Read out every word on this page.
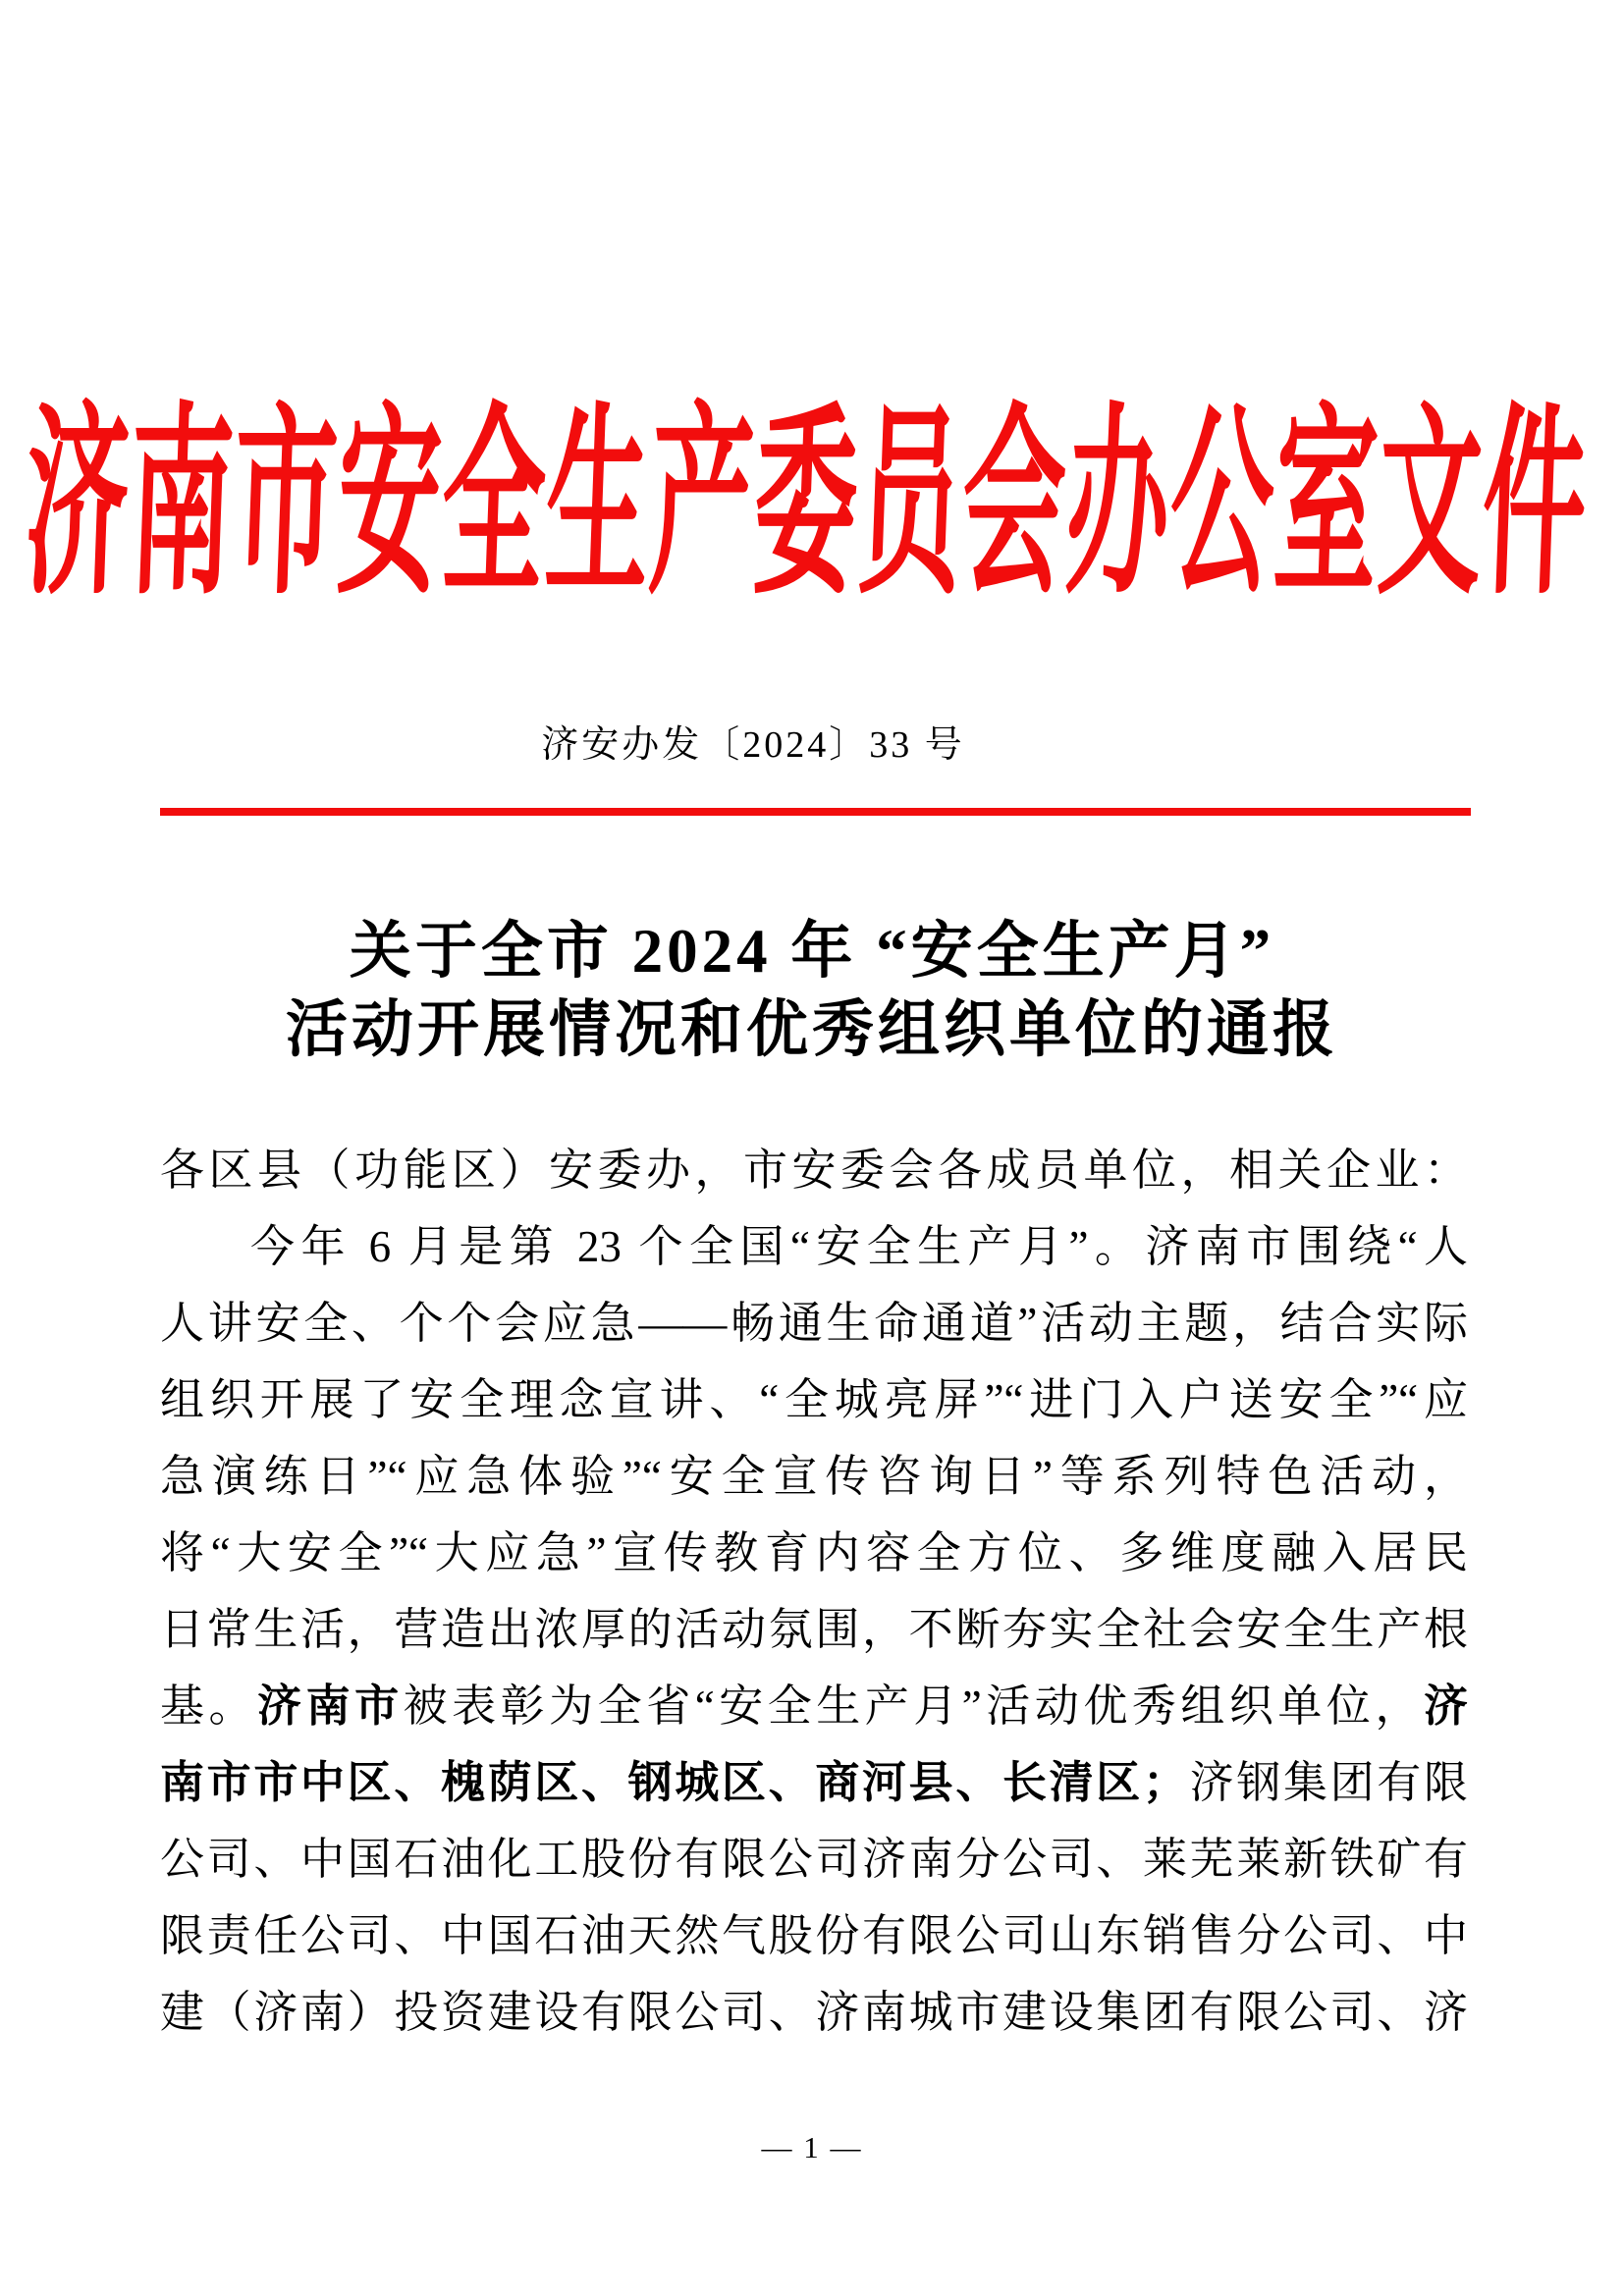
济南市安全生产委员会办公室文件
济安办发〔2024〕33 号
关于全市 2024 年 “安全生产月”
活动开展情况和优秀组织单位的通报
各区县（功能区）安委办，市安委会各成员单位，相关企业：
今年 6 月是第 23 个全国“安全生产月”。济南市围绕“人
人讲安全、个个会应急——畅通生命通道”活动主题，结合实际
组织开展了安全理念宣讲、“全城亮屏”“进门入户送安全”“应
急演练日”“应急体验”“安全宣传咨询日”等系列特色活动，
将“大安全”“大应急”宣传教育内容全方位、多维度融入居民
日常生活，营造出浓厚的活动氛围，不断夯实全社会安全生产根
基。济南市被表彰为全省“安全生产月”活动优秀组织单位，济
南市市中区、槐荫区、钢城区、商河县、长清区；济钢集团有限
公司、中国石油化工股份有限公司济南分公司、莱芜莱新铁矿有
限责任公司、中国石油天然气股份有限公司山东销售分公司、中
建（济南）投资建设有限公司、济南城市建设集团有限公司、济
— 1 —
